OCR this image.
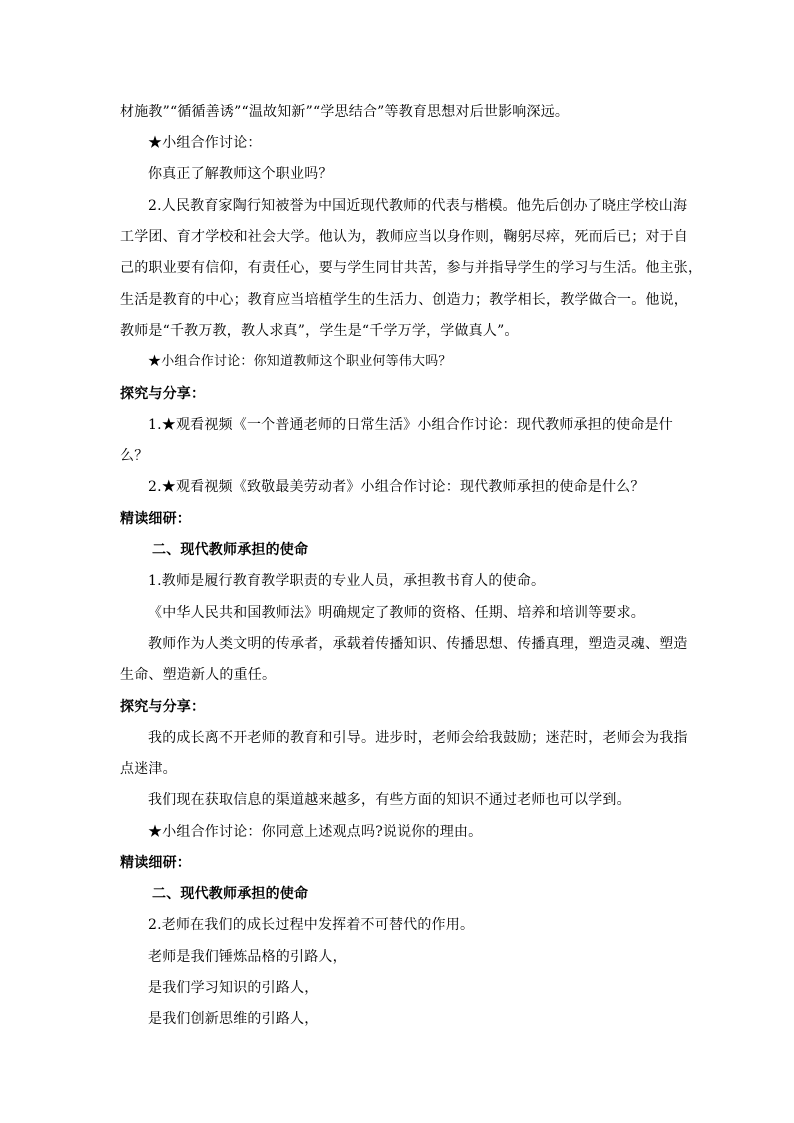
材施教”“循循善诱”“温故知新”“学思结合”等教育思想对后世影响深远。
★小组合作讨论：
你真正了解教师这个职业吗？
2.人民教育家陶行知被誉为中国近现代教师的代表与楷模。他先后创办了晓庄学校山海
工学团、育才学校和社会大学。他认为，教师应当以身作则，鞠躬尽瘁，死而后已；对于自
己的职业要有信仰，有责任心，要与学生同甘共苦，参与并指导学生的学习与生活。他主张，
生活是教育的中心；教育应当培植学生的生活力、创造力；教学相长，教学做合一。他说，
教师是“千教万教，教人求真”，学生是“千学万学，学做真人”。
★小组合作讨论：你知道教师这个职业何等伟大吗？
探究与分享：
1.★观看视频《一个普通老师的日常生活》小组合作讨论：现代教师承担的使命是什
么？
2.★观看视频《致敬最美劳动者》小组合作讨论：现代教师承担的使命是什么？
精读细研：
二、现代教师承担的使命
1.教师是履行教育教学职责的专业人员，承担教书育人的使命。
《中华人民共和国教师法》明确规定了教师的资格、任期、培养和培训等要求。
教师作为人类文明的传承者，承载着传播知识、传播思想、传播真理，塑造灵魂、塑造
生命、塑造新人的重任。
探究与分享：
我的成长离不开老师的教育和引导。进步时，老师会给我鼓励；迷茫时，老师会为我指
点迷津。
我们现在获取信息的渠道越来越多，有些方面的知识不通过老师也可以学到。
★小组合作讨论：你同意上述观点吗?说说你的理由。
精读细研：
二、现代教师承担的使命
2.老师在我们的成长过程中发挥着不可替代的作用。
老师是我们锤炼品格的引路人，
是我们学习知识的引路人，
是我们创新思维的引路人，
